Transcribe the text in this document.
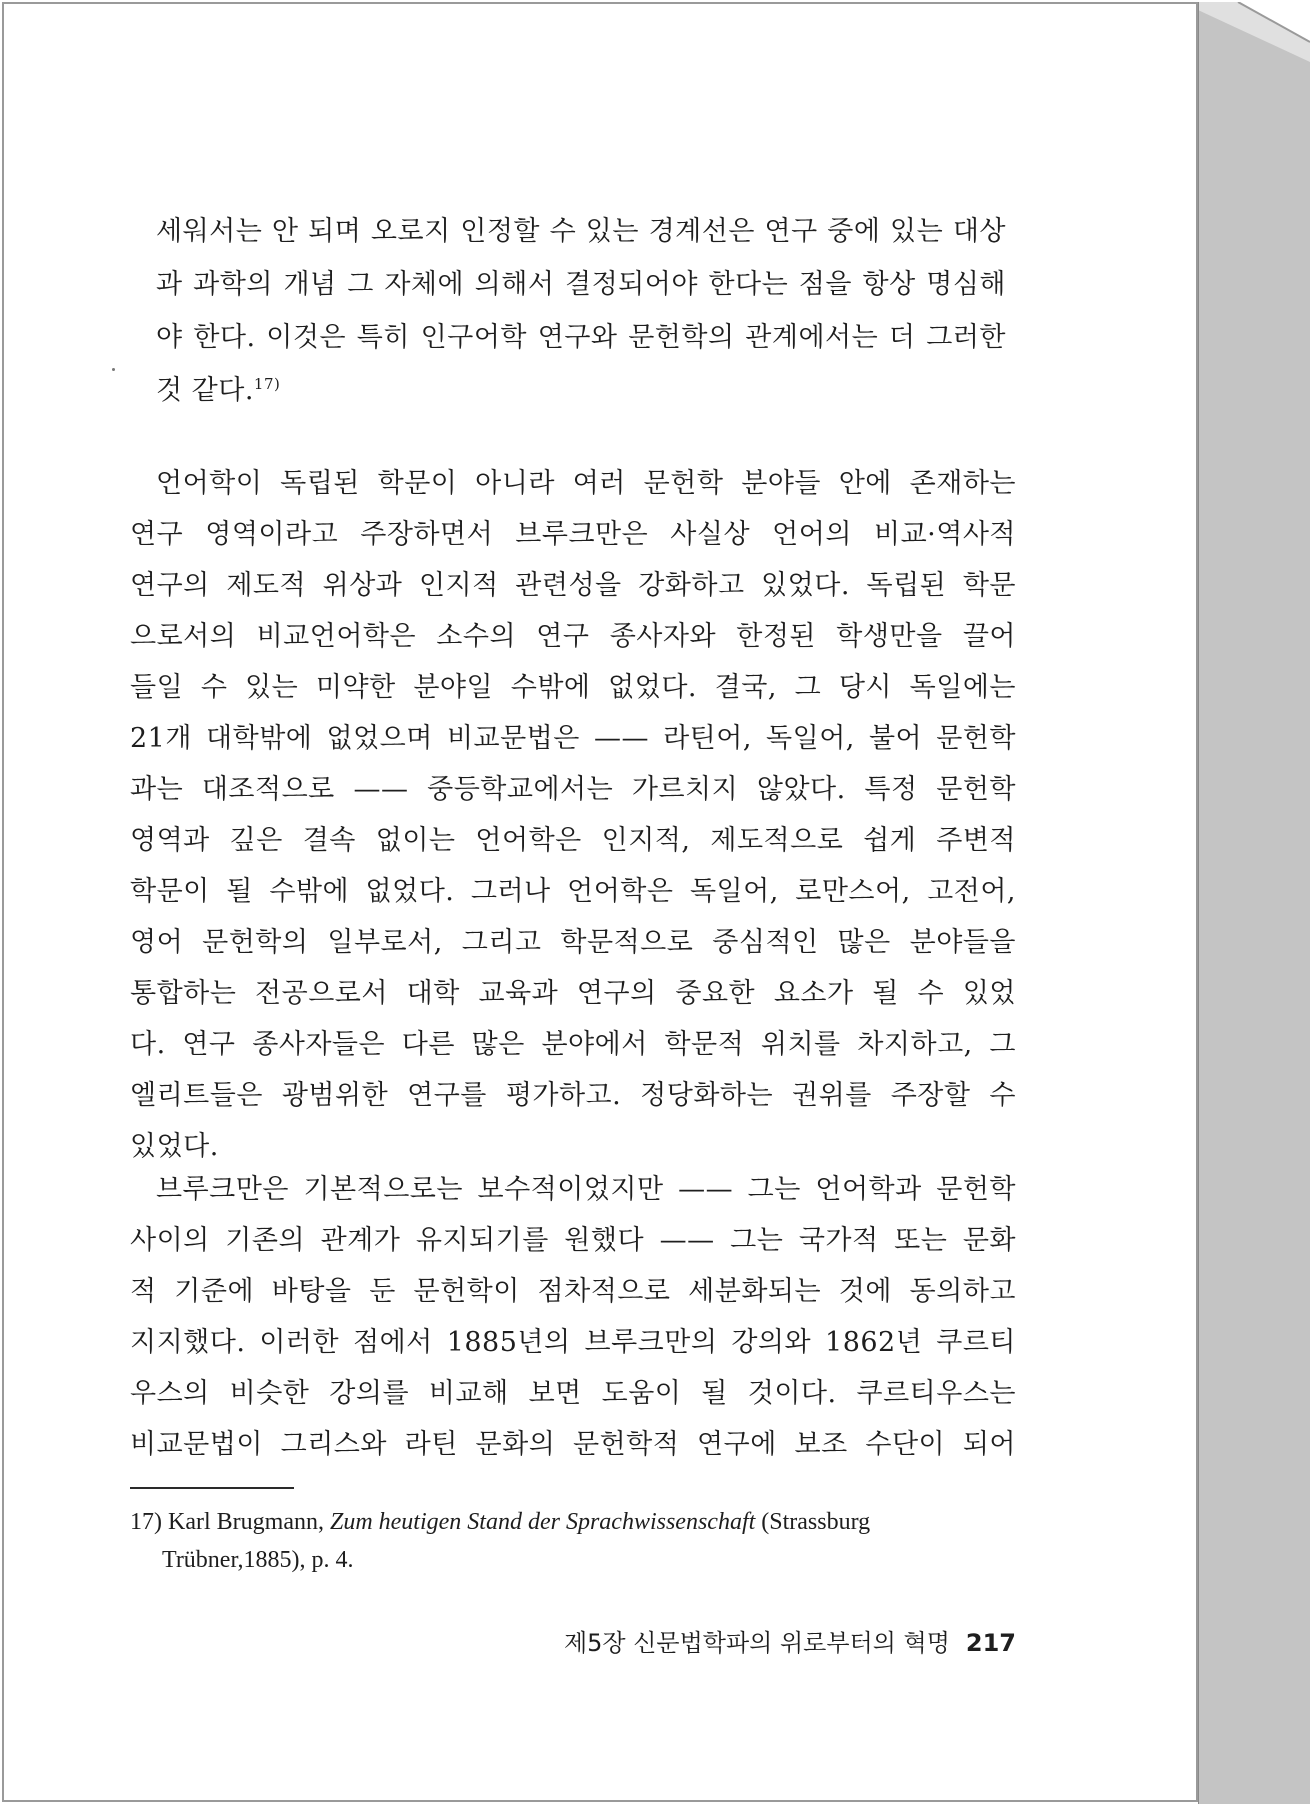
세워서는 안 되며 오로지 인정할 수 있는 경계선은 연구 중에 있는 대상
과 과학의 개념 그 자체에 의해서 결정되어야 한다는 점을 항상 명심해
야 한다. 이것은 특히 인구어학 연구와 문헌학의 관계에서는 더 그러한
것 같다.$^{17)}$
언어학이 독립된 학문이 아니라 여러 문헌학 분야들 안에 존재하는
연구 영역이라고 주장하면서 브루크만은 사실상 언어의 비교·역사적
연구의 제도적 위상과 인지적 관련성을 강화하고 있었다. 독립된 학문
으로서의 비교언어학은 소수의 연구 종사자와 한정된 학생만을 끌어
들일 수 있는 미약한 분야일 수밖에 없었다. 결국, 그 당시 독일에는
21개 대학밖에 없었으며 비교문법은 —— 라틴어, 독일어, 불어 문헌학
과는 대조적으로 —— 중등학교에서는 가르치지 않았다. 특정 문헌학
영역과 깊은 결속 없이는 언어학은 인지적, 제도적으로 쉽게 주변적
학문이 될 수밖에 없었다. 그러나 언어학은 독일어, 로만스어, 고전어,
영어 문헌학의 일부로서, 그리고 학문적으로 중심적인 많은 분야들을
통합하는 전공으로서 대학 교육과 연구의 중요한 요소가 될 수 있었
다. 연구 종사자들은 다른 많은 분야에서 학문적 위치를 차지하고, 그
엘리트들은 광범위한 연구를 평가하고. 정당화하는 권위를 주장할 수
있었다.
브루크만은 기본적으로는 보수적이었지만 —— 그는 언어학과 문헌학
사이의 기존의 관계가 유지되기를 원했다 —— 그는 국가적 또는 문화
적 기준에 바탕을 둔 문헌학이 점차적으로 세분화되는 것에 동의하고
지지했다. 이러한 점에서 1885년의 브루크만의 강의와 1862년 쿠르티
우스의 비슷한 강의를 비교해 보면 도움이 될 것이다. 쿠르티우스는
비교문법이 그리스와 라틴 문화의 문헌학적 연구에 보조 수단이 되어
17) Karl Brugmann, Zum heutigen Stand der Sprachwissenschaft (Strassburg
Trübner,1885), p. 4.
제5장 신문법학파의 위로부터의 혁명 217
